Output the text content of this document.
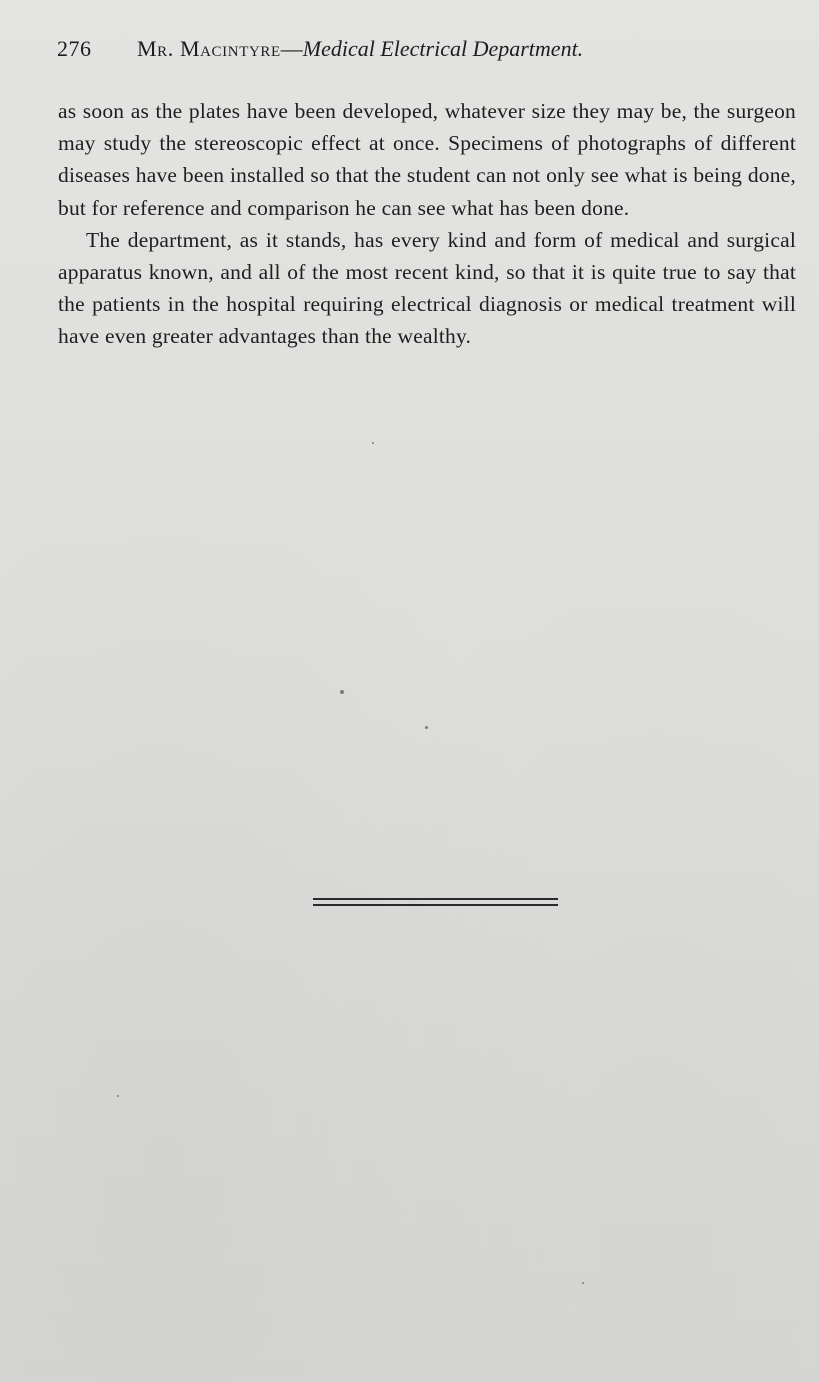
276 Mr. Macintyre—Medical Electrical Department.

as soon as the plates have been developed, whatever size they may be, the surgeon may study the stereoscopic effect at once. Specimens of photographs of different diseases have been installed so that the student can not only see what is being done, but for reference and comparison he can see what has been done.

The department, as it stands, has every kind and form of medical and surgical apparatus known, and all of the most recent kind, so that it is quite true to say that the patients in the hospital requiring electrical diagnosis or medical treatment will have even greater advantages than the wealthy.
